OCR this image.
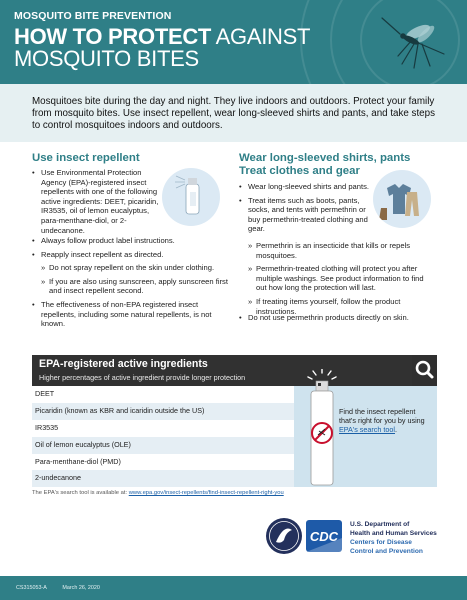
MOSQUITO BITE PREVENTION
HOW TO PROTECT AGAINST
MOSQUITO BITES

Mosquitoes bite during the day and night. They live indoors and outdoors. Protect your family from mosquito bites. Use insect repellent, wear long-sleeved shirts and pants, and take steps to control mosquitoes indoors and outdoors.

Use insect repellent
• Use Environmental Protection Agency (EPA)-registered insect repellents with one of the following active ingredients: DEET, picaridin, IR3535, oil of lemon eucalyptus, para-menthane-diol, or 2-undecanone.
• Always follow product label instructions.
• Reapply insect repellent as directed.
» Do not spray repellent on the skin under clothing.
» If you are also using sunscreen, apply sunscreen first and insect repellent second.
• The effectiveness of non-EPA registered insect repellents, including some natural repellents, is not known.
Wear long-sleeved shirts, pants
Treat clothes and gear
• Wear long-sleeved shirts and pants.
• Treat items such as boots, pants, socks, and tents with permethrin or buy permethrin-treated clothing and gear.
» Permethrin is an insecticide that kills or repels mosquitoes.
» Permethrin-treated clothing will protect you after multiple washings. See product information to find out how long the protection will last.
» If treating items yourself, follow the product instructions.
• Do not use permethrin products directly on skin.
EPA-registered active ingredients
Higher percentages of active ingredient provide longer protection
DEET
Picaridin (known as KBR and icaridin outside the US)
IR3535
Oil of lemon eucalyptus (OLE)
Para-menthane-diol (PMD)
2-undecanone
Find the insect repellent that's right for you by using EPA's search tool.
The EPA's search tool is available at: www.epa.gov/insect-repellents/find-insect-repellent-right-you
CDC
U.S. Department of
Health and Human Services
Centers for Disease
Control and Prevention
CS315053-A	March 26, 2020
